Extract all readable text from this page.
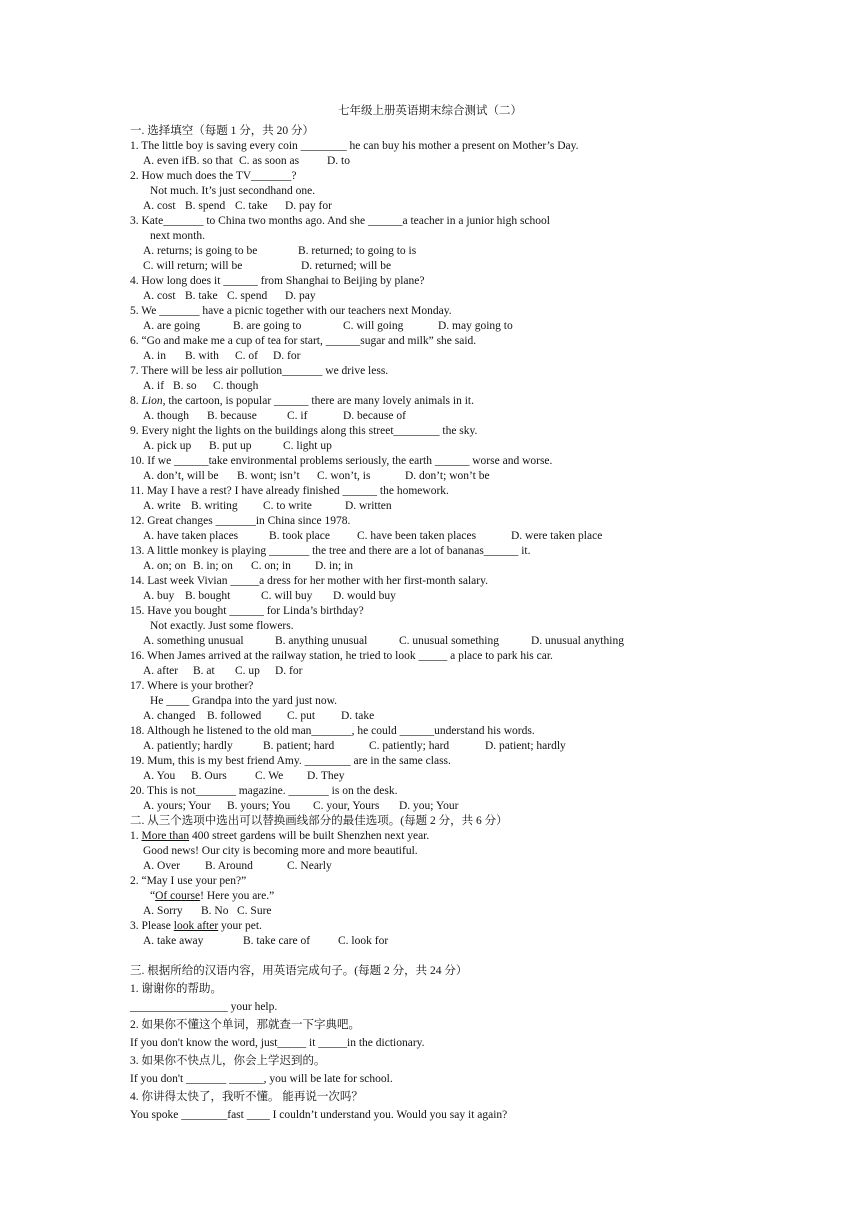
七年级上册英语期末综合测试（二）
一. 选择填空（每题 1 分，共 20 分）
1. The little boy is saving every coin ________ he can buy his mother a present on Mother’s Day.
A. even ifB. so that C. as soon as D. to
2. How much does the TV_______?
Not much. It’s just secondhand one.
A. cost B. spend C. take D. pay for
3. Kate_______ to China two months ago. And she ______a teacher in a junior high school
next month.
A. returns; is going to be	B. returned; to going to is
C. will return; will be	D. returned; will be
4. How long does it ______ from Shanghai to Beijing by plane?
A. cost B. take C. spend D. pay
5. We _______ have a picnic together with our teachers next Monday.
A. are going	B. are going to	C. will going	D. may going to
6. “Go and make me a cup of tea for start, ______sugar and milk” she said.
A. in B. with C. of D. for
7. There will be less air pollution_______ we drive less.
A. if B. so C. though
8. Lion, the cartoon, is popular ______ there are many lovely animals in it.
A. though B. because	C. if	D. because of
9. Every night the lights on the buildings along this street________ the sky.
A. pick up B. put up	C. light up
10. If we ______take environmental problems seriously, the earth ______ worse and worse.
A. don’t, will be B. wont; isn’t C. won’t, is	D. don’t; won’t be
11. May I have a rest? I have already finished ______ the homework.
A. write B. writing C. to write	D. written
12. Great changes _______in China since 1978.
A. have taken places	B. took place C. have been taken places	D. were taken place
13. A little monkey is playing _______ the tree and there are a lot of bananas______ it.
A. on; on B. in; on C. on; in D. in; in
14. Last week Vivian _____a dress for her mother with her first-month salary.
A. buy B. bought	C. will buy D. would buy
15. Have you bought ______ for Linda’s birthday?
Not exactly. Just some flowers.
A. something unusual	B. anything unusual	C. unusual something	D. unusual anything
16. When James arrived at the railway station, he tried to look _____ a place to park his car.
A. after B. at C. up D. for
17. Where is your brother?
He ____ Grandpa into the yard just now.
A. changed B. followed C. put D. take
18. Although he listened to the old man_______, he could ______understand his words.
A. patiently; hardly	B. patient; hard	C. patiently; hard	D. patient; hardly
19. Mum, this is my best friend Amy. ________ are in the same class.
A. You B. Ours C. We D. They
20. This is not_______ magazine. _______ is on the desk.
A. yours; Your B. yours; You C. your, Yours D. you; Your
二. 从三个选项中选出可以替换画线部分的最佳选项。(每题 2 分，共 6 分）
1. More than 400 street gardens will be built Shenzhen next year.
Good news! Our city is becoming more and more beautiful.
A. Over B. Around	C. Nearly
2. “May I use your pen?”
“Of course! Here you are.”
A. Sorry B. No C. Sure
3. Please look after your pet.
A. take away	B. take care of C. look for
三. 根据所给的汉语内容，用英语完成句子。(每题 2 分，共 24 分）
1. 谢谢你的帮助。
_________________ your help.
2. 如果你不懂这个单词，那就查一下字典吧。
If you don't know the word, just_____ it _____in the dictionary.
3. 如果你不快点儿，你会上学迟到的。
If you don't _______ ______, you will be late for school.
4. 你讲得太快了，我听不懂。 能再说一次吗？
You spoke ________fast ____ I couldn’t understand you. Would you say it again?
